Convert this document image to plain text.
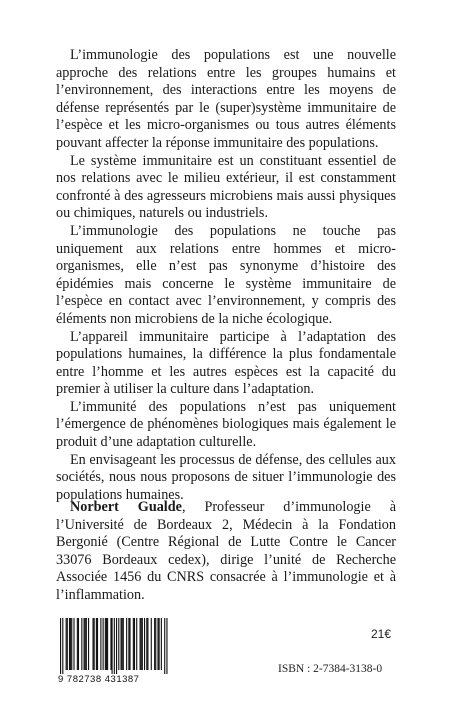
L’immunologie des populations est une nouvelle approche des relations entre les groupes humains et l’environnement, des interactions entre les moyens de défense représentés par le (super)système immunitaire de l’espèce et les micro-organismes ou tous autres éléments pouvant affecter la réponse immunitaire des populations.

Le système immunitaire est un constituant essentiel de nos relations avec le milieu extérieur, il est constamment confronté à des agresseurs microbiens mais aussi physiques ou chimiques, naturels ou industriels.

L’immunologie des populations ne touche pas uniquement aux relations entre hommes et micro-organismes, elle n’est pas synonyme d’histoire des épidémies mais concerne le système immunitaire de l’espèce en contact avec l’environnement, y compris des éléments non microbiens de la niche écologique.

L’appareil immunitaire participe à l’adaptation des populations humaines, la différence la plus fondamentale entre l’homme et les autres espèces est la capacité du premier à utiliser la culture dans l’adaptation.

L’immunité des populations n’est pas uniquement l’émergence de phénomènes biologiques mais également le produit d’une adaptation culturelle.

En envisageant les processus de défense, des cellules aux sociétés, nous nous proposons de situer l’immunologie des populations humaines.

Norbert Gualde, Professeur d’immunologie à l’Université de Bordeaux 2, Médecin à la Fondation Bergonié (Centre Régional de Lutte Contre le Cancer 33076 Bordeaux cedex), dirige l’unité de Recherche Associée 1456 du CNRS consacrée à l’immunologie et à l’inflammation.

9 782738 431387
21€
ISBN : 2-7384-3138-0
